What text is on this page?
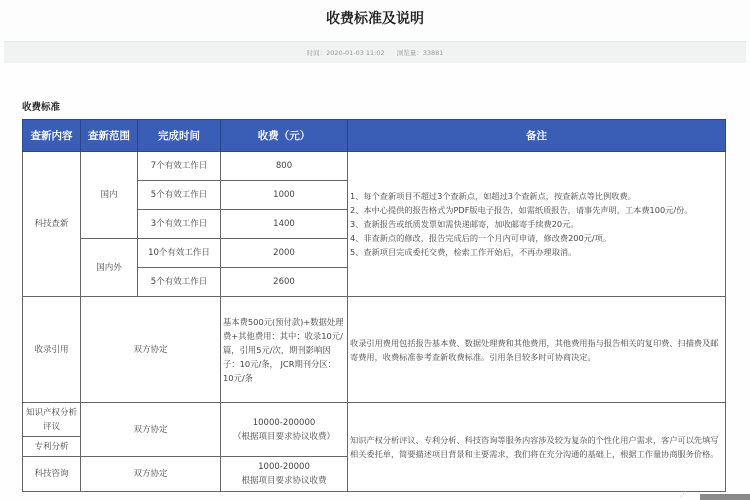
收费标准及说明
时间：2020-01-03 11:02 浏览量：33881
收费标准
查新内容	查新范围	完成时间	收费（元）	备注
科技查新	国内	7个有效工作日	800	1、每个查新项目不超过3个查新点，如超过3个查新点，按查新点等比例收费。
2、本中心提供的报告格式为PDF版电子报告，如需纸质报告，请事先声明，工本费100元/份。
3、查新报告或纸质发票如需快递邮寄，加收邮寄手续费20元。
4、非查新点的修改，报告完成后的一个月内可申请，修改费200元/项。
5、查新项目完成委托交费，检索工作开始后，不再办理取消。

		5个有效工作日	1000	
		3个有效工作日	1400	
	国内外	10个有效工作日	2000	
		5个有效工作日	2600	
收录引用	双方协定		基本费500元(预付款)+数据处理费+其他费用：其中：收录10元/篇，引用5元/次，期刊影响因子：10元/条， JCR期刊分区：10元/条	收录引用费用包括报告基本费、数据处理费和其他费用，其他费用指与报告相关的复印费、扫描费及邮寄费用，收费标准参考查新收费标准。引用条目较多时可协商决定。
知识产权分析评议	双方协定		10000-200000
（根据项目要求协议收费）	知识产权分析评议、专利分析、科技咨询等服务内容涉及较为复杂的个性化用户需求，客户可以先填写相关委托单，简要描述项目背景和主要需求，我们将在充分沟通的基础上，根据工作量协商服务价格。
专利分析				
科技咨询	双方协定		1000-20000
根据项目要求协议收费	
⋰
